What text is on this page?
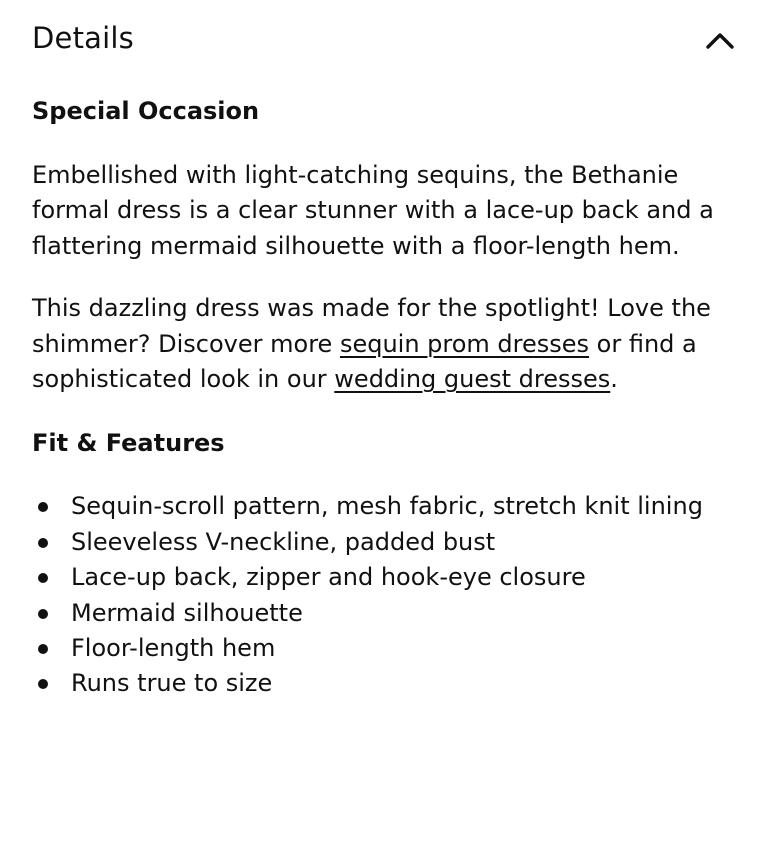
Details
Special Occasion

Embellished with light-catching sequins, the Bethanie formal dress is a clear stunner with a lace-up back and a flattering mermaid silhouette with a floor-length hem.

This dazzling dress was made for the spotlight! Love the shimmer? Discover more sequin prom dresses or find a sophisticated look in our wedding guest dresses.

Fit & Features
Sequin-scroll pattern, mesh fabric, stretch knit lining
Sleeveless V-neckline, padded bust
Lace-up back, zipper and hook-eye closure
Mermaid silhouette
Floor-length hem
Runs true to size
